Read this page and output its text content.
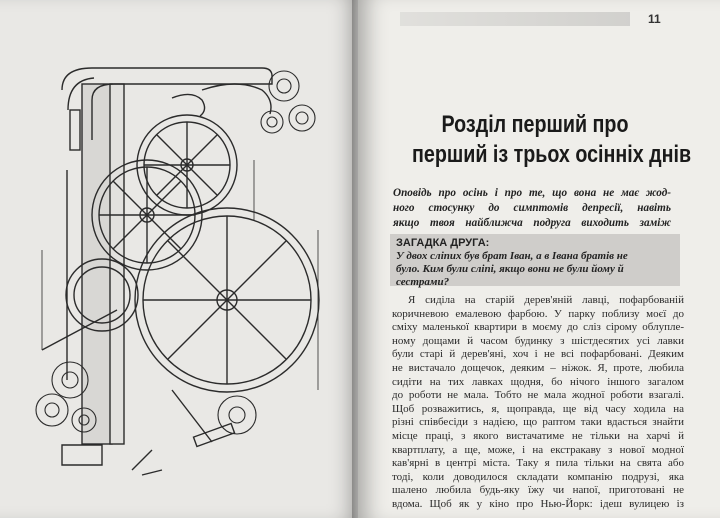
11
Розділ перший про
перший із трьох осінніх днів
Оповідь про осінь і про те, що вона не має жод-
ного стосунку до симптомів депресії, навіть
якщо твоя найближча подруга виходить заміж
ЗАГАДКА ДРУГА:
У двох сліпих був брат Іван, а в Івана братів не
було. Ким були сліпі, якщо вони не були йому й
сестрами?
Я сиділа на старій дерев'яній лавці, пофарбованій
коричневою емалевою фарбою. У парку поблизу моєї до
сміху маленької квартири в моєму до сліз сірому облупле-
ному дощами й часом будинку з шістдесятих усі лавки
були старі й дерев'яні, хоч і не всі пофарбовані. Деяким
не вистачало дощечок, деяким – ніжок. Я, проте, любила
сидіти на тих лавках щодня, бо нічого іншого загалом
до роботи не мала. Тобто не мала жодної роботи взагалі.
Щоб розважитись, я, щоправда, ще від часу ходила на
різні співбесіди з надією, що раптом таки вдасться знайти
місце праці, з якого вистачатиме не тільки на харчі й
квартплату, а ще, може, і на екстракаву з нової модної
кав'ярні в центрі міста. Таку я пила тільки на свята або
тоді, коли доводилося складати компанію подрузі, яка
шалено любила будь-яку їжу чи напої, приготовані не
вдома. Щоб як у кіно про Нью-Йорк: ідеш вулицею із
